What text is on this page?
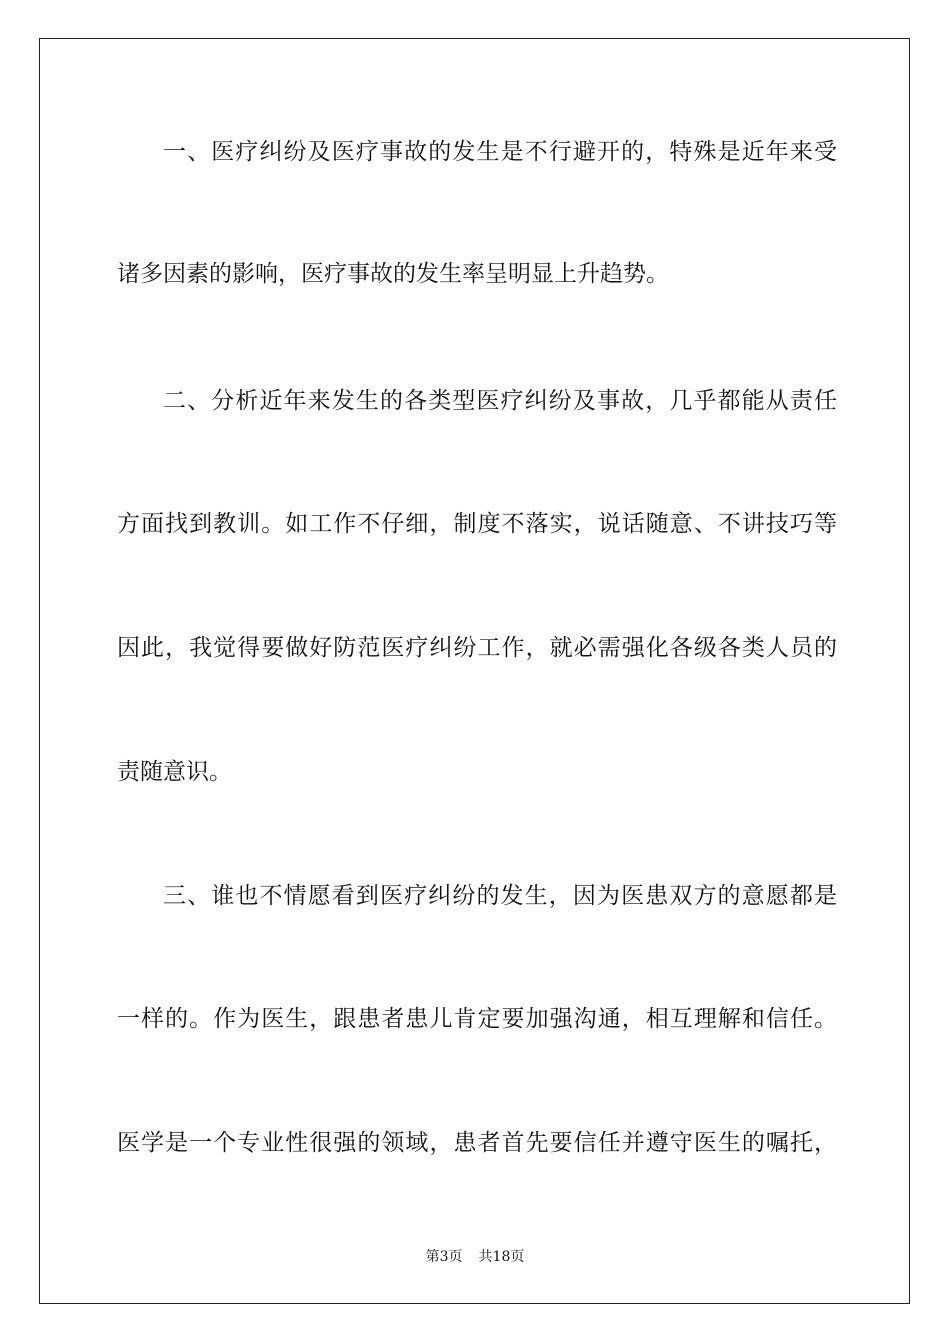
一、医疗纠纷及医疗事故的发生是不行避开的，特殊是近年来受
诸多因素的影响，医疗事故的发生率呈明显上升趋势。
二、分析近年来发生的各类型医疗纠纷及事故，几乎都能从责任
方面找到教训。如工作不仔细，制度不落实，说话随意、不讲技巧等
因此，我觉得要做好防范医疗纠纷工作，就必需强化各级各类人员的
责随意识。
三、谁也不情愿看到医疗纠纷的发生，因为医患双方的意愿都是
一样的。作为医生，跟患者患儿肯定要加强沟通，相互理解和信任。
医学是一个专业性很强的领域，患者首先要信任并遵守医生的嘱托，
第3页 共18页
